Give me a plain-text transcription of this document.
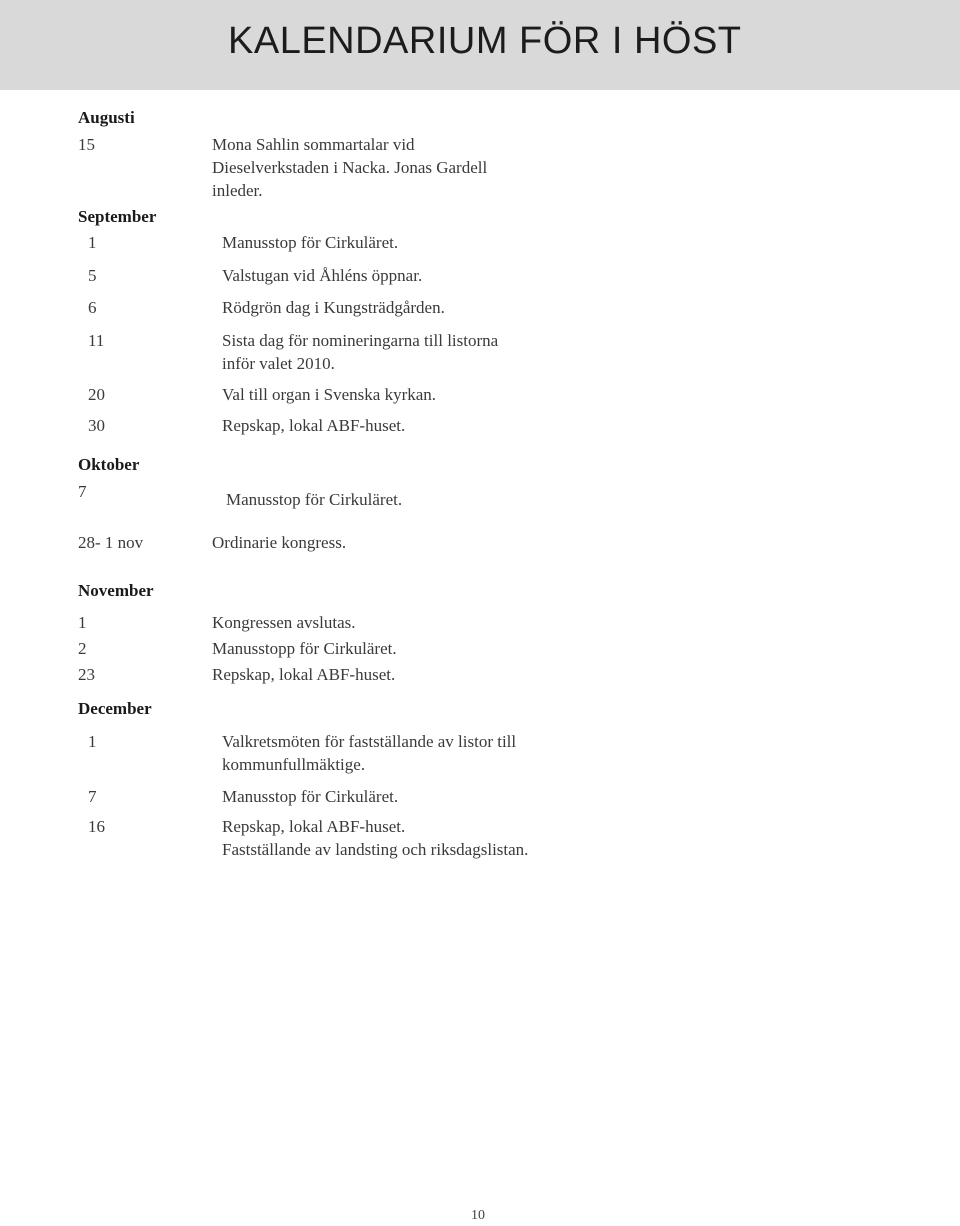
KALENDARIUM FÖR I HÖST
Augusti
15	Mona Sahlin sommartalar vid
Dieselverkstaden i Nacka. Jonas Gardell
inleder.
September
1	Manusstop för Cirkuläret.
5	Valstugan vid Åhléns öppnar.
6	Rödgrön dag i Kungsträdgården.
11	Sista dag för nomineringarna till listorna
inför valet 2010.
20	Val till organ i Svenska kyrkan.
30	Repskap, lokal ABF-huset.
Oktober
7	Manusstop för Cirkuläret.
28- 1 nov	Ordinarie kongress.
November
1	Kongressen avslutas.
2	Manusstopp för Cirkuläret.
23	Repskap, lokal ABF-huset.
December
1	Valkretsmöten för fastställande av listor till
kommunfullmäktige.
7	Manusstop för Cirkuläret.
16	Repskap, lokal ABF-huset.
Fastställande av landsting och riksdagslistan.
10
